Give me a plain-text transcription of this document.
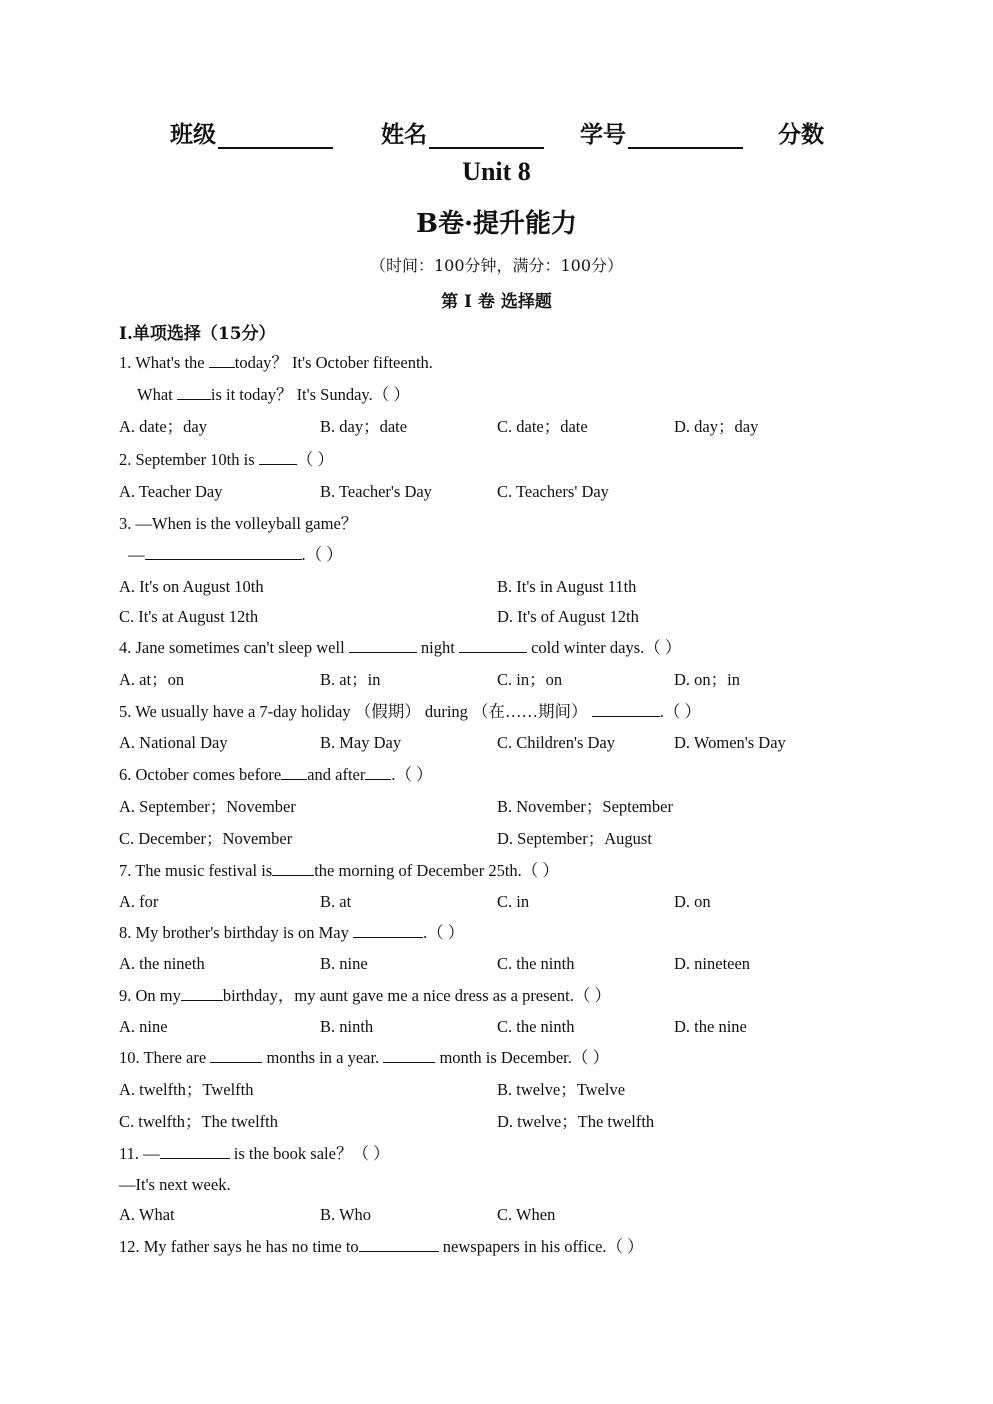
班级	姓名	学号	分数
Unit 8
B卷·提升能力
（时间：100分钟，满分：100分）
第 I 卷 选择题
I.单项选择（15分）
1. What's the today？ It's October fifteenth.
What is it today？ It's Sunday.（ ）
A. date；day	B. day；date	C. date；date	D. day；day
2. September 10th is （ ）
A. Teacher Day	B. Teacher's Day	C. Teachers' Day
3. —When is the volleyball game？
—	.（ ）
A. It's on August 10th	B. It's in August 11th
C. It's at August 12th	D. It's of August 12th
4. Jane sometimes can't sleep well	night	cold winter days.（ ）
A. at；on	B. at；in	C. in；on	D. on；in
5. We usually have a 7-day holiday （假期） during （在……期间）	.（ ）
A. National Day	B. May Day	C. Children's Day	D. Women's Day
6. October comes before and after .（ ）
A. September；November	B. November；September
C. December；November	D. September；August
7. The music festival is	the morning of December 25th.（ ）
A. for	B. at	C. in	D. on
8. My brother's birthday is on May	.（ ）
A. the nineth	B. nine	C. the ninth	D. nineteen
9. On my	birthday，my aunt gave me a nice dress as a present.（ ）
A. nine	B. ninth	C. the ninth	D. the nine
10. There are	months in a year.	month is December.（ ）
A. twelfth；Twelfth	B. twelve；Twelve
C. twelfth；The twelfth	D. twelve；The twelfth
11. —	is the book sale？（ ）
—It's next week.
A. What	B. Who	C. When
12. My father says he has no time to	newspapers in his office.（ ）
